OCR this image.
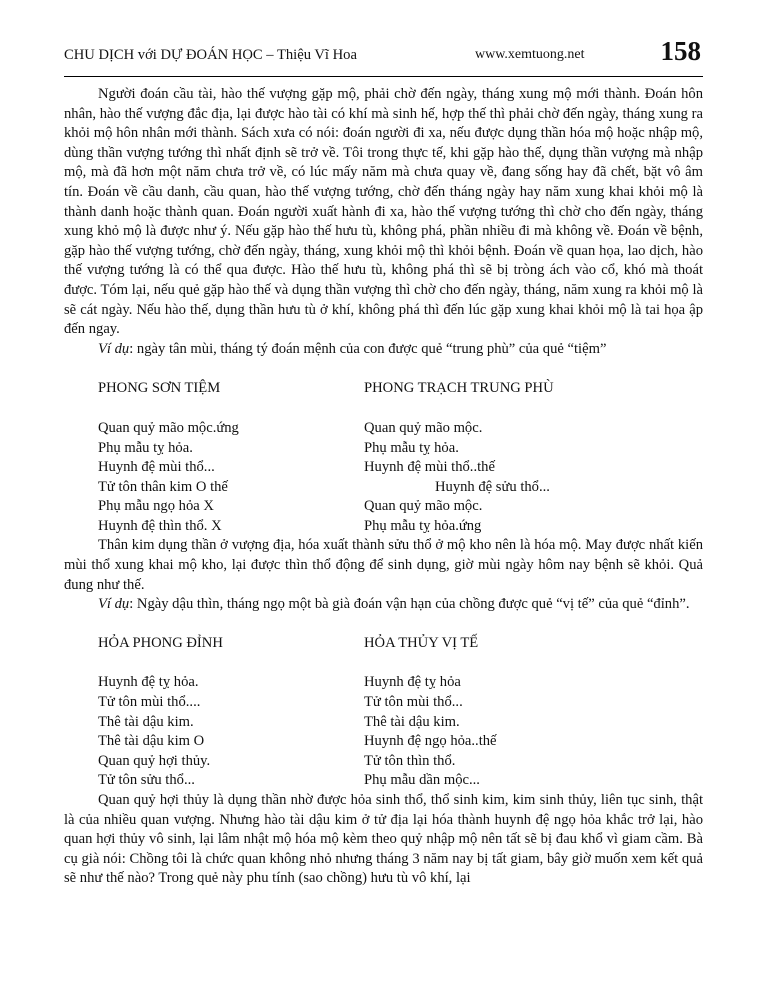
CHU DỊCH với DỰ ĐOÁN HỌC – Thiệu Vĩ Hoa	www.xemtuong.net	158

Người đoán cầu tài, hào thế vượng gặp mộ, phải chờ đến ngày, tháng xung mộ mới thành. Đoán hôn nhân, hào thế vượng đắc địa, lại được hào tài có khí mà sinh hế, hợp thế thì phải chờ đến ngày, tháng xung ra khỏi mộ hôn nhân mới thành. Sách xưa có nói: đoán người đi xa, nếu được dụng thần hóa mộ hoặc nhập mộ, dùng thần vượng tướng thì nhất định sẽ trở về. Tôi trong thực tế, khi gặp hào thế, dụng thần vượng mà nhập mộ, mà đã hơn một năm chưa trở về, có lúc mấy năm mà chưa quay về, đang sống hay đã chết, bặt vô âm tín. Đoán về cầu danh, cầu quan, hào thế vượng tướng, chờ đến tháng ngày hay năm xung khai khỏi mộ là thành danh hoặc thành quan. Đoán người xuất hành đi xa, hào thế vượng tướng thì chờ cho đến ngày, tháng xung khỏ mộ là được như ý. Nếu gặp hào thế hưu tù, không phá, phần nhiều đi mà không về. Đoán về bệnh, gặp hào thế vượng tướng, chờ đến ngày, tháng, xung khỏi mộ thì khỏi bệnh. Đoán về quan họa, lao dịch, hào thế vượng tướng là có thể qua được. Hào thế hưu tù, không phá thì sẽ bị tròng ách vào cổ, khó mà thoát được. Tóm lại, nếu quẻ gặp hào thế và dụng thần vượng thì chờ cho đến ngày, tháng, năm xung ra khỏi mộ là sẽ cát ngày. Nếu hào thế, dụng thần hưu tù ở khí, không phá thì đến lúc gặp xung khai khỏi mộ là tai họa ập đến ngay.

Ví dụ: ngày tân mùi, tháng tý đoán mệnh của con được quẻ “trung phù” của quẻ “tiệm”

PHONG SƠN TIỆM	PHONG TRẠCH TRUNG PHÙ
Quan quỷ mão mộc.ứng	Quan quỷ mão mộc.
Phụ mẫu tỵ hỏa.	Phụ mẫu tỵ hỏa.
Huynh đệ mùi thổ...	Huynh đệ mùi thổ..thế
Tử tôn thân kim O thế	Huynh đệ sửu thổ...
Phụ mẫu ngọ hỏa X	Quan quỷ mão mộc.
Huynh đệ thìn thổ. X	Phụ mẫu tỵ hỏa.ứng

Thân kim dụng thần ở vượng địa, hóa xuất thành sửu thổ ở mộ kho nên là hóa mộ. May được nhất kiến mùi thổ xung khai mộ kho, lại được thìn thổ động để sinh dụng, giờ mùi ngày hôm nay bệnh sẽ khỏi. Quả đung như thế.

Ví dụ: Ngày dậu thìn, tháng ngọ một bà già đoán vận hạn của chồng được quẻ “vị tế” của quẻ “đỉnh”.

HỎA PHONG ĐỈNH	HỎA THỦY VỊ TẾ
Huynh đệ tỵ hỏa.	Huynh đệ tỵ hỏa
Tử tôn mùi thổ....	Tử tôn mùi thổ...
Thê tài dậu kim.	Thê tài dậu kim.
Thê tài dậu kim O	Huynh đệ ngọ hỏa..thế
Quan quỷ hợi thủy.	Tử tôn thìn thổ.
Tử tôn sửu thổ...	Phụ mẫu dần mộc...

Quan quỷ hợi thủy là dụng thần nhờ được hỏa sinh thổ, thổ sinh kim, kim sinh thủy, liên tục sinh, thật là của nhiều quan vượng. Nhưng hào tài dậu kim ở tử địa lại hóa thành huynh đệ ngọ hỏa khắc trở lại, hào quan hợi thủy vô sinh, lại lâm nhật mộ hóa mộ kèm theo quỷ nhập mộ nên tất sẽ bị đau khổ vì giam cầm. Bà cụ già nói: Chồng tôi là chức quan không nhỏ nhưng tháng 3 năm nay bị tất giam, bây giờ muốn xem kết quả sẽ như thế nào? Trong quẻ này phu tính (sao chồng) hưu tù vô khí, lại
